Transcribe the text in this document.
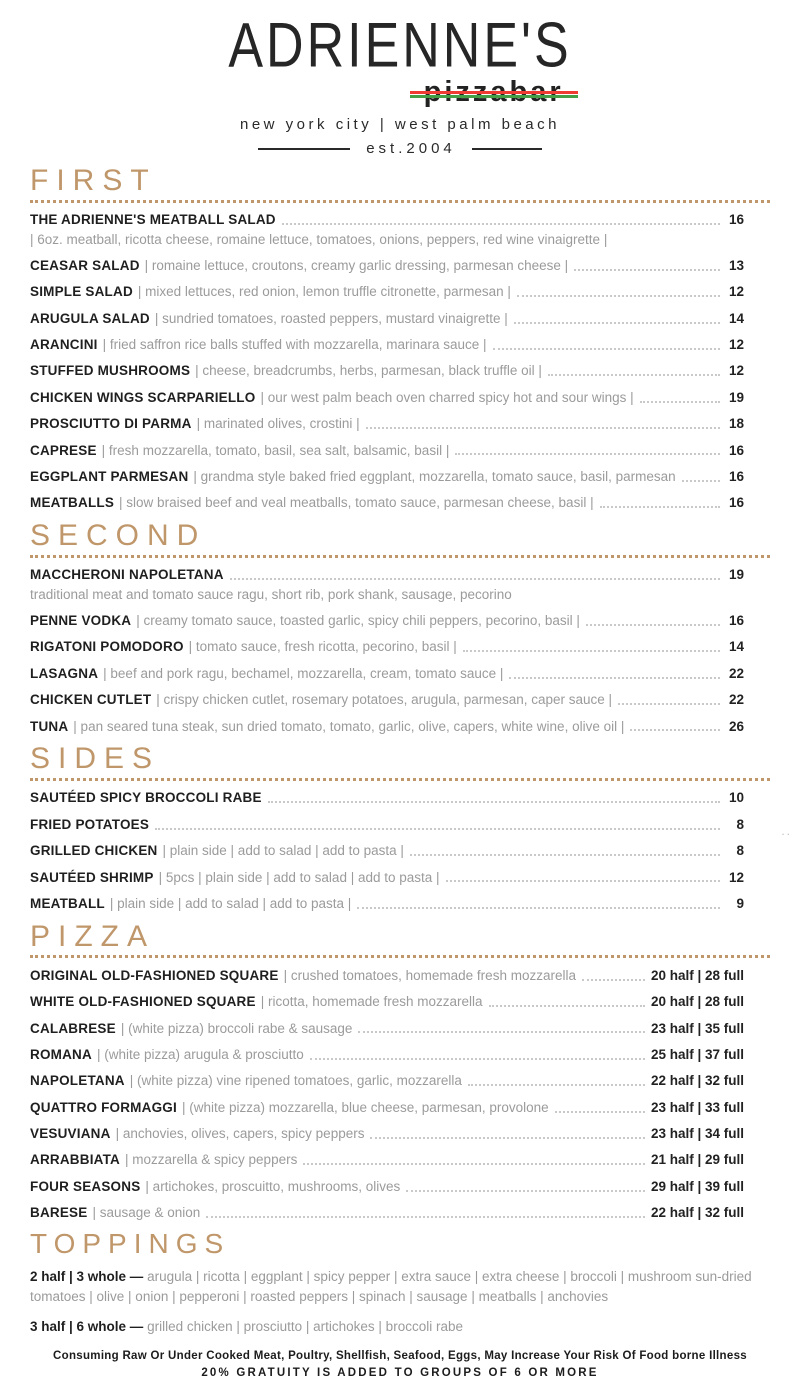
ADRIENNE'S
new york city | west palm beach
est.2004
FIRST
THE ADRIENNE'S MEATBALL SALAD	16
| 6oz. meatball, ricotta cheese, romaine lettuce, tomatoes, onions, peppers, red wine vinaigrette |
CEASAR SALAD | romaine lettuce, croutons, creamy garlic dressing, parmesan cheese |	13
SIMPLE SALAD | mixed lettuces, red onion, lemon truffle citronette, parmesan |	12
ARUGULA SALAD | sundried tomatoes, roasted peppers, mustard vinaigrette |	14
ARANCINI | fried saffron rice balls stuffed with mozzarella, marinara sauce |	12
STUFFED MUSHROOMS | cheese, breadcrumbs, herbs, parmesan, black truffle oil |	12
CHICKEN WINGS SCARPARIELLO | our west palm beach oven charred spicy hot and sour wings |	19
PROSCIUTTO DI PARMA | marinated olives, crostini |	18
CAPRESE | fresh mozzarella, tomato, basil, sea salt, balsamic, basil |	16
EGGPLANT PARMESAN | grandma style baked fried eggplant, mozzarella, tomato sauce, basil, parmesan	16
MEATBALLS | slow braised beef and veal meatballs, tomato sauce, parmesan cheese, basil |	16
SECOND
MACCHERONI NAPOLETANA	19
traditional meat and tomato sauce ragu, short rib, pork shank, sausage, pecorino
PENNE VODKA | creamy tomato sauce, toasted garlic, spicy chili peppers, pecorino, basil |	16
RIGATONI POMODORO | tomato sauce, fresh ricotta, pecorino, basil |	14
LASAGNA | beef and pork ragu, bechamel, mozzarella, cream, tomato sauce |	22
CHICKEN CUTLET | crispy chicken cutlet, rosemary potatoes, arugula, parmesan, caper sauce |	22
TUNA | pan seared tuna steak, sun dried tomato, tomato, garlic, olive, capers, white wine, olive oil |	26
SIDES
SAUTÉED SPICY BROCCOLI RABE	10
FRIED POTATOES	8
GRILLED CHICKEN | plain side | add to salad | add to pasta |	8
SAUTÉED SHRIMP | 5pcs | plain side | add to salad | add to pasta |	12
MEATBALL | plain side | add to salad | add to pasta |	9
PIZZA
ORIGINAL OLD-FASHIONED SQUARE | crushed tomatoes, homemade fresh mozzarella	20 half | 28 full
WHITE OLD-FASHIONED SQUARE | ricotta, homemade fresh mozzarella	20 half | 28 full
CALABRESE | (white pizza) broccoli rabe & sausage	23 half | 35 full
ROMANA | (white pizza) arugula & prosciutto	25 half | 37 full
NAPOLETANA | (white pizza) vine ripened tomatoes, garlic, mozzarella	22 half | 32 full
QUATTRO FORMAGGI | (white pizza) mozzarella, blue cheese, parmesan, provolone	23 half | 33 full
VESUVIANA | anchovies, olives, capers, spicy peppers	23 half | 34 full
ARRABBIATA | mozzarella & spicy peppers	21 half | 29 full
FOUR SEASONS | artichokes, proscuitto, mushrooms, olives	29 half | 39 full
BARESE | sausage & onion	22 half | 32 full
TOPPINGS
2 half | 3 whole — arugula | ricotta | eggplant | spicy pepper | extra sauce | extra cheese | broccoli | mushroom sun-dried tomatoes | olive | onion | pepperoni | roasted peppers | spinach | sausage | meatballs | anchovies
3 half | 6 whole — grilled chicken | prosciutto | artichokes | broccoli rabe
Consuming Raw Or Under Cooked Meat, Poultry, Shellfish, Seafood, Eggs, May Increase Your Risk Of Food borne Illness
20% GRATUITY IS ADDED TO GROUPS OF 6 OR MORE
..
